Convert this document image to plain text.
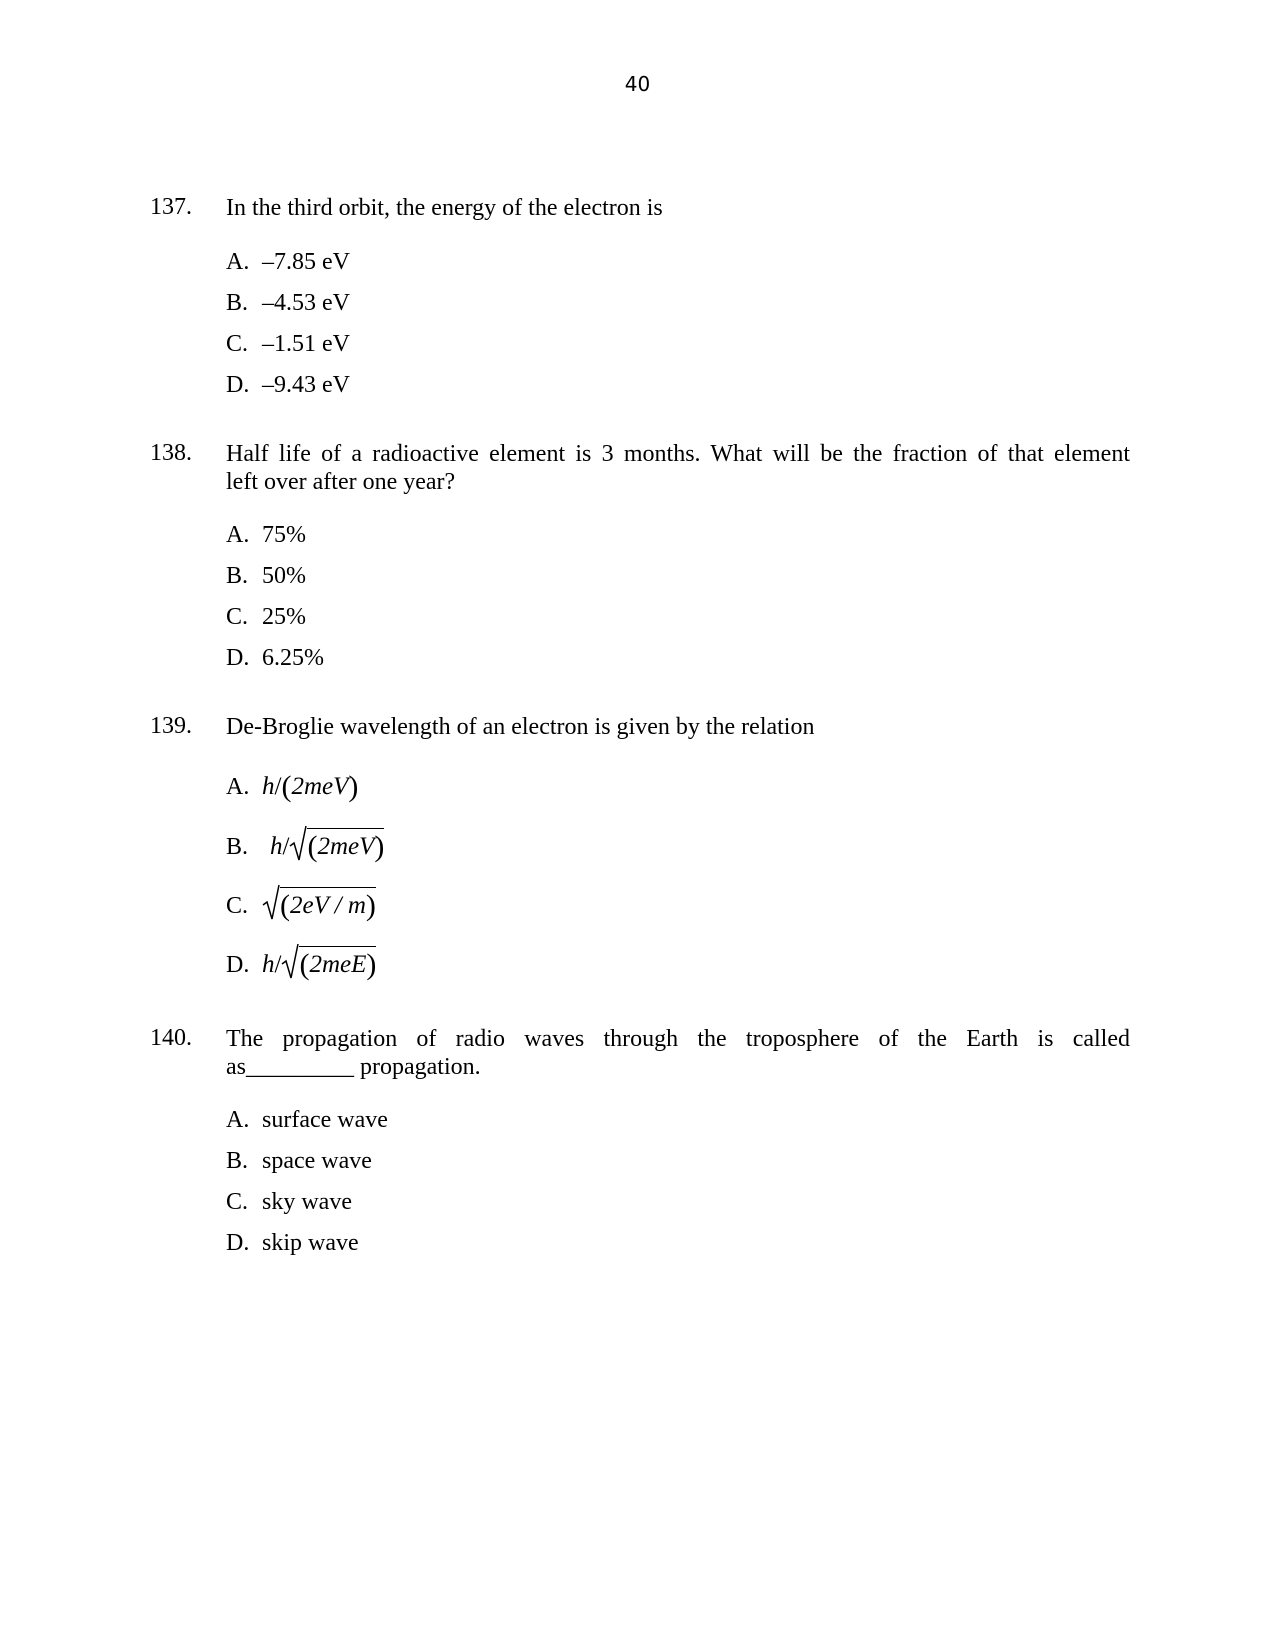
40
137. In the third orbit, the energy of the electron is
A. –7.85 eV
B. –4.53 eV
C. –1.51 eV
D. –9.43 eV
138. Half life of a radioactive element is 3 months. What will be the fraction of that element
left over after one year?
A. 75%
B. 50%
C. 25%
D. 6.25%
139. De-Broglie wavelength of an electron is given by the relation
A. h/(2meV)
B. h/ (2meV)
C. (2eV / m)
D. h/ (2meE)
140. The propagation of radio waves through the troposphere of the Earth is called
as_________ propagation.
A. surface wave
B. space wave
C. sky wave
D. skip wave
